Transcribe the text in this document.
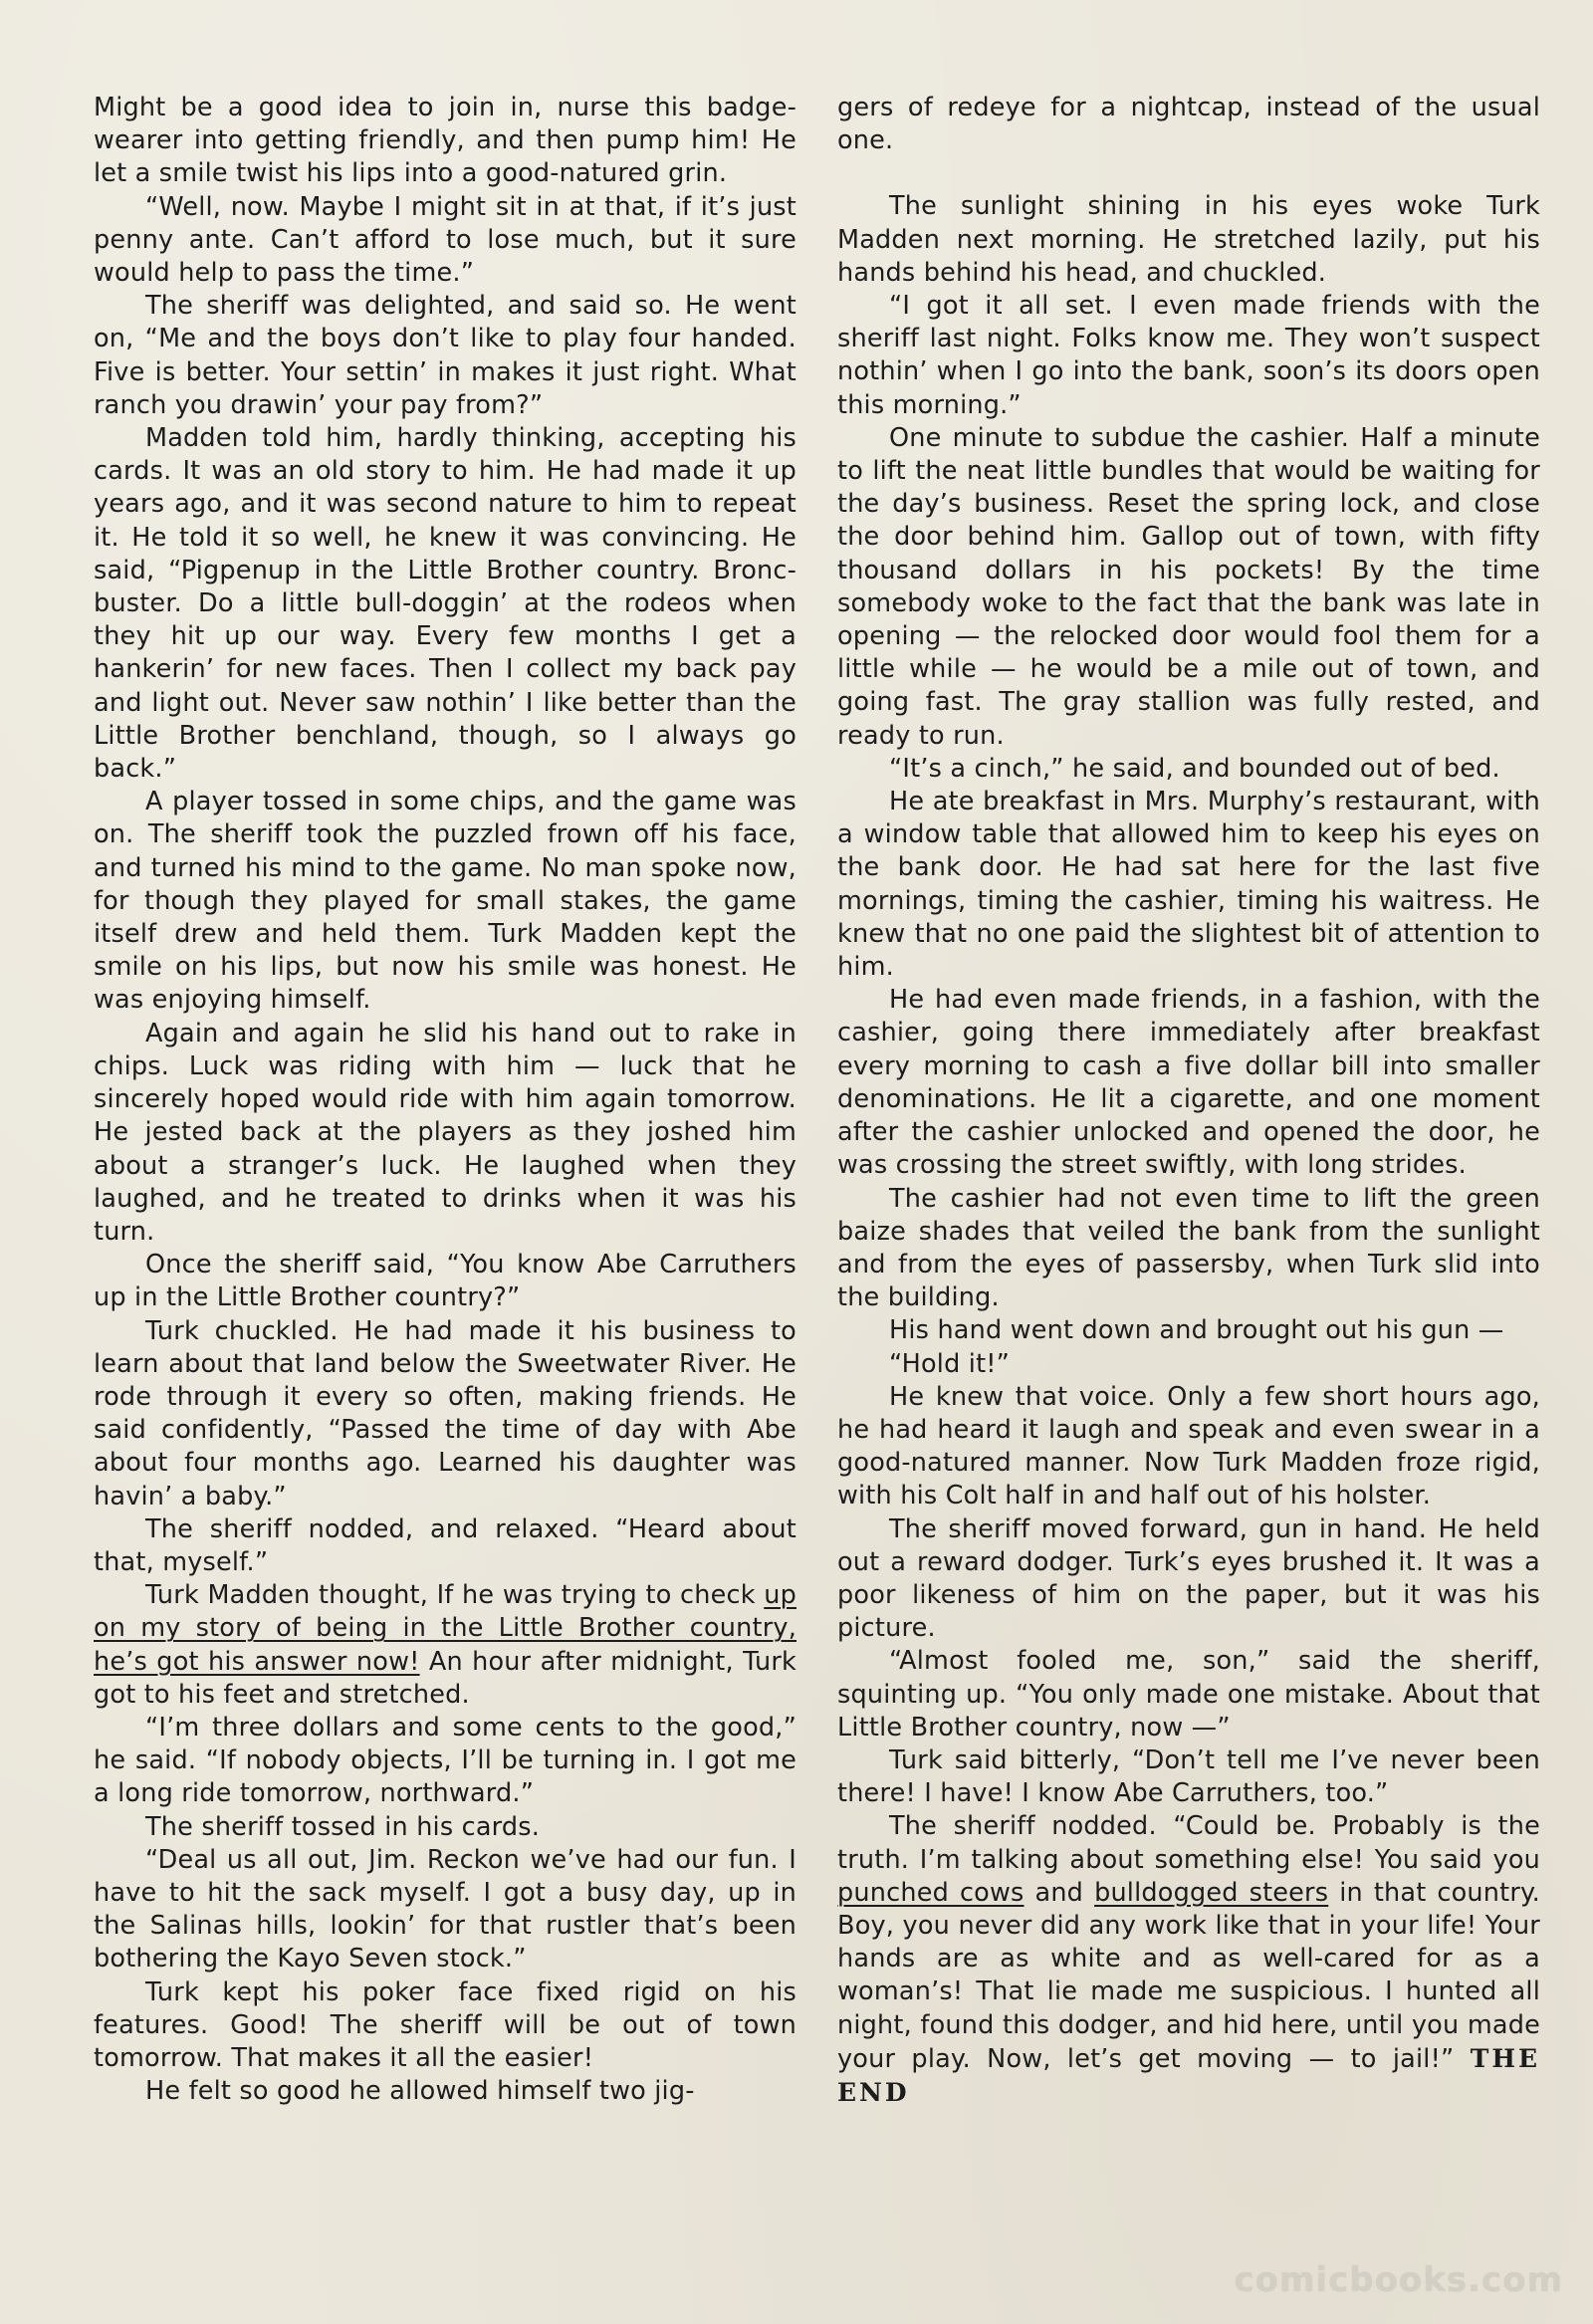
Might be a good idea to join in, nurse this badge-wearer into getting friendly, and then pump him! He let a smile twist his lips into a good-natured grin.

“Well, now. Maybe I might sit in at that, if it’s just penny ante. Can’t afford to lose much, but it sure would help to pass the time.”

The sheriff was delighted, and said so. He went on, “Me and the boys don’t like to play four handed. Five is better. Your settin’ in makes it just right. What ranch you drawin’ your pay from?”

Madden told him, hardly thinking, accepting his cards. It was an old story to him. He had made it up years ago, and it was second nature to him to repeat it. He told it so well, he knew it was convincing. He said, “Pigpenup in the Little Brother country. Bronc-buster. Do a little bull-doggin’ at the rodeos when they hit up our way. Every few months I get a hankerin’ for new faces. Then I collect my back pay and light out. Never saw nothin’ I like better than the Little Brother benchland, though, so I always go back.”

A player tossed in some chips, and the game was on. The sheriff took the puzzled frown off his face, and turned his mind to the game. No man spoke now, for though they played for small stakes, the game itself drew and held them. Turk Madden kept the smile on his lips, but now his smile was honest. He was enjoying himself.

Again and again he slid his hand out to rake in chips. Luck was riding with him — luck that he sincerely hoped would ride with him again tomorrow. He jested back at the players as they joshed him about a stranger’s luck. He laughed when they laughed, and he treated to drinks when it was his turn.

Once the sheriff said, “You know Abe Carruthers up in the Little Brother country?”

Turk chuckled. He had made it his business to learn about that land below the Sweetwater River. He rode through it every so often, making friends. He said confidently, “Passed the time of day with Abe about four months ago. Learned his daughter was havin’ a baby.”

The sheriff nodded, and relaxed. “Heard about that, myself.”

Turk Madden thought, If he was trying to check up on my story of being in the Little Brother country, he’s got his answer now! An hour after midnight, Turk got to his feet and stretched.

“I’m three dollars and some cents to the good,” he said. “If nobody objects, I’ll be turning in. I got me a long ride tomorrow, northward.”

The sheriff tossed in his cards.

“Deal us all out, Jim. Reckon we’ve had our fun. I have to hit the sack myself. I got a busy day, up in the Salinas hills, lookin’ for that rustler that’s been bothering the Kayo Seven stock.”

Turk kept his poker face fixed rigid on his features. Good! The sheriff will be out of town tomorrow. That makes it all the easier!

He felt so good he allowed himself two jig-

gers of redeye for a nightcap, instead of the usual one.

The sunlight shining in his eyes woke Turk Madden next morning. He stretched lazily, put his hands behind his head, and chuckled.

“I got it all set. I even made friends with the sheriff last night. Folks know me. They won’t suspect nothin’ when I go into the bank, soon’s its doors open this morning.”

One minute to subdue the cashier. Half a minute to lift the neat little bundles that would be waiting for the day’s business. Reset the spring lock, and close the door behind him. Gallop out of town, with fifty thousand dollars in his pockets! By the time somebody woke to the fact that the bank was late in opening — the relocked door would fool them for a little while — he would be a mile out of town, and going fast. The gray stallion was fully rested, and ready to run.

“It’s a cinch,” he said, and bounded out of bed.

He ate breakfast in Mrs. Murphy’s restaurant, with a window table that allowed him to keep his eyes on the bank door. He had sat here for the last five mornings, timing the cashier, timing his waitress. He knew that no one paid the slightest bit of attention to him.

He had even made friends, in a fashion, with the cashier, going there immediately after breakfast every morning to cash a five dollar bill into smaller denominations. He lit a cigarette, and one moment after the cashier unlocked and opened the door, he was crossing the street swiftly, with long strides.

The cashier had not even time to lift the green baize shades that veiled the bank from the sunlight and from the eyes of passersby, when Turk slid into the building.

His hand went down and brought out his gun —

“Hold it!”

He knew that voice. Only a few short hours ago, he had heard it laugh and speak and even swear in a good-natured manner. Now Turk Madden froze rigid, with his Colt half in and half out of his holster.

The sheriff moved forward, gun in hand. He held out a reward dodger. Turk’s eyes brushed it. It was a poor likeness of him on the paper, but it was his picture.

“Almost fooled me, son,” said the sheriff, squinting up. “You only made one mistake. About that Little Brother country, now —”

Turk said bitterly, “Don’t tell me I’ve never been there! I have! I know Abe Carruthers, too.”

The sheriff nodded. “Could be. Probably is the truth. I’m talking about something else! You said you punched cows and bulldogged steers in that country. Boy, you never did any work like that in your life! Your hands are as white and as well-cared for as a woman’s! That lie made me suspicious. I hunted all night, found this dodger, and hid here, until you made your play. Now, let’s get moving — to jail!” THE END

comicbooks.com
